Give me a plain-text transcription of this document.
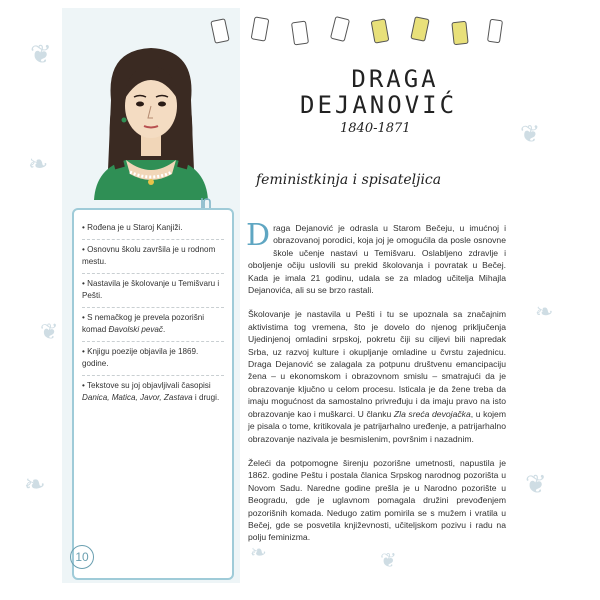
❦
❧
❦
❧
❦
❧
❦
❧	❦
DRAGA
DEJANOVIĆ
1840-1871
feministkinja i spisateljica
• Rođena je u Staroj Kanjiži.
• Osnovnu školu završila je u rodnom mestu.
• Nastavila je školovanje u Temišvaru i Pešti.
• S nemačkog je prevela pozorišni komad Đavolski pevač.
• Knjigu poezije objavila je 1869. godine.
• Tekstove su joj objavljivali časopisi Danica, Matica, Javor, Zastava i drugi.
10

Draga Dejanović je odrasla u Starom Bečeju, u imućnoj i obrazovanoj porodici, koja joj je omogućila da posle osnovne škole učenje nastavi u Temišvaru. Oslabljeno zdravlje i oboljenje očiju uslovili su prekid školovanja i povratak u Bečej. Kada je imala 21 godinu, udala se za mladog učitelja Mihajla Dejanovića, ali su se brzo rastali.

Školovanje je nastavila u Pešti i tu se upoznala sa značajnim aktivistima tog vremena, što je dovelo do njenog priključenja Ujedinjenoj omladini srpskoj, pokretu čiji su ciljevi bili napredak Srba, uz razvoj kulture i okupljanje omladine u čvrstu zajednicu. Draga Dejanović se zalagala za potpunu društvenu emancipaciju žena – u ekonomskom i obrazovnom smislu – smatrajući da je obrazovanje ključno u celom procesu. Isticala je da žene treba da imaju mogućnost da samostalno privređuju i da imaju pravo na isto obrazovanje kao i muškarci. U članku Zla sreća devojačka, u kojem je pisala o tome, kritikovala je patrijarhalno uređenje, a patrijarhalno obrazovanje nazivala je besmislenim, površnim i nazadnim.

Želeći da potpomogne širenju pozorišne umetnosti, napustila je 1862. godine Peštu i postala članica Srpskog narodnog pozorišta u Novom Sadu. Naredne godine prešla je u Narodno pozorište u Beogradu, gde je uglavnom pomagala družini prevođenjem pozorišnih komada. Nedugo zatim pomirila se s mužem i vratila u Bečej, gde se posvetila književnosti, učiteljskom pozivu i radu na polju feminizma.
